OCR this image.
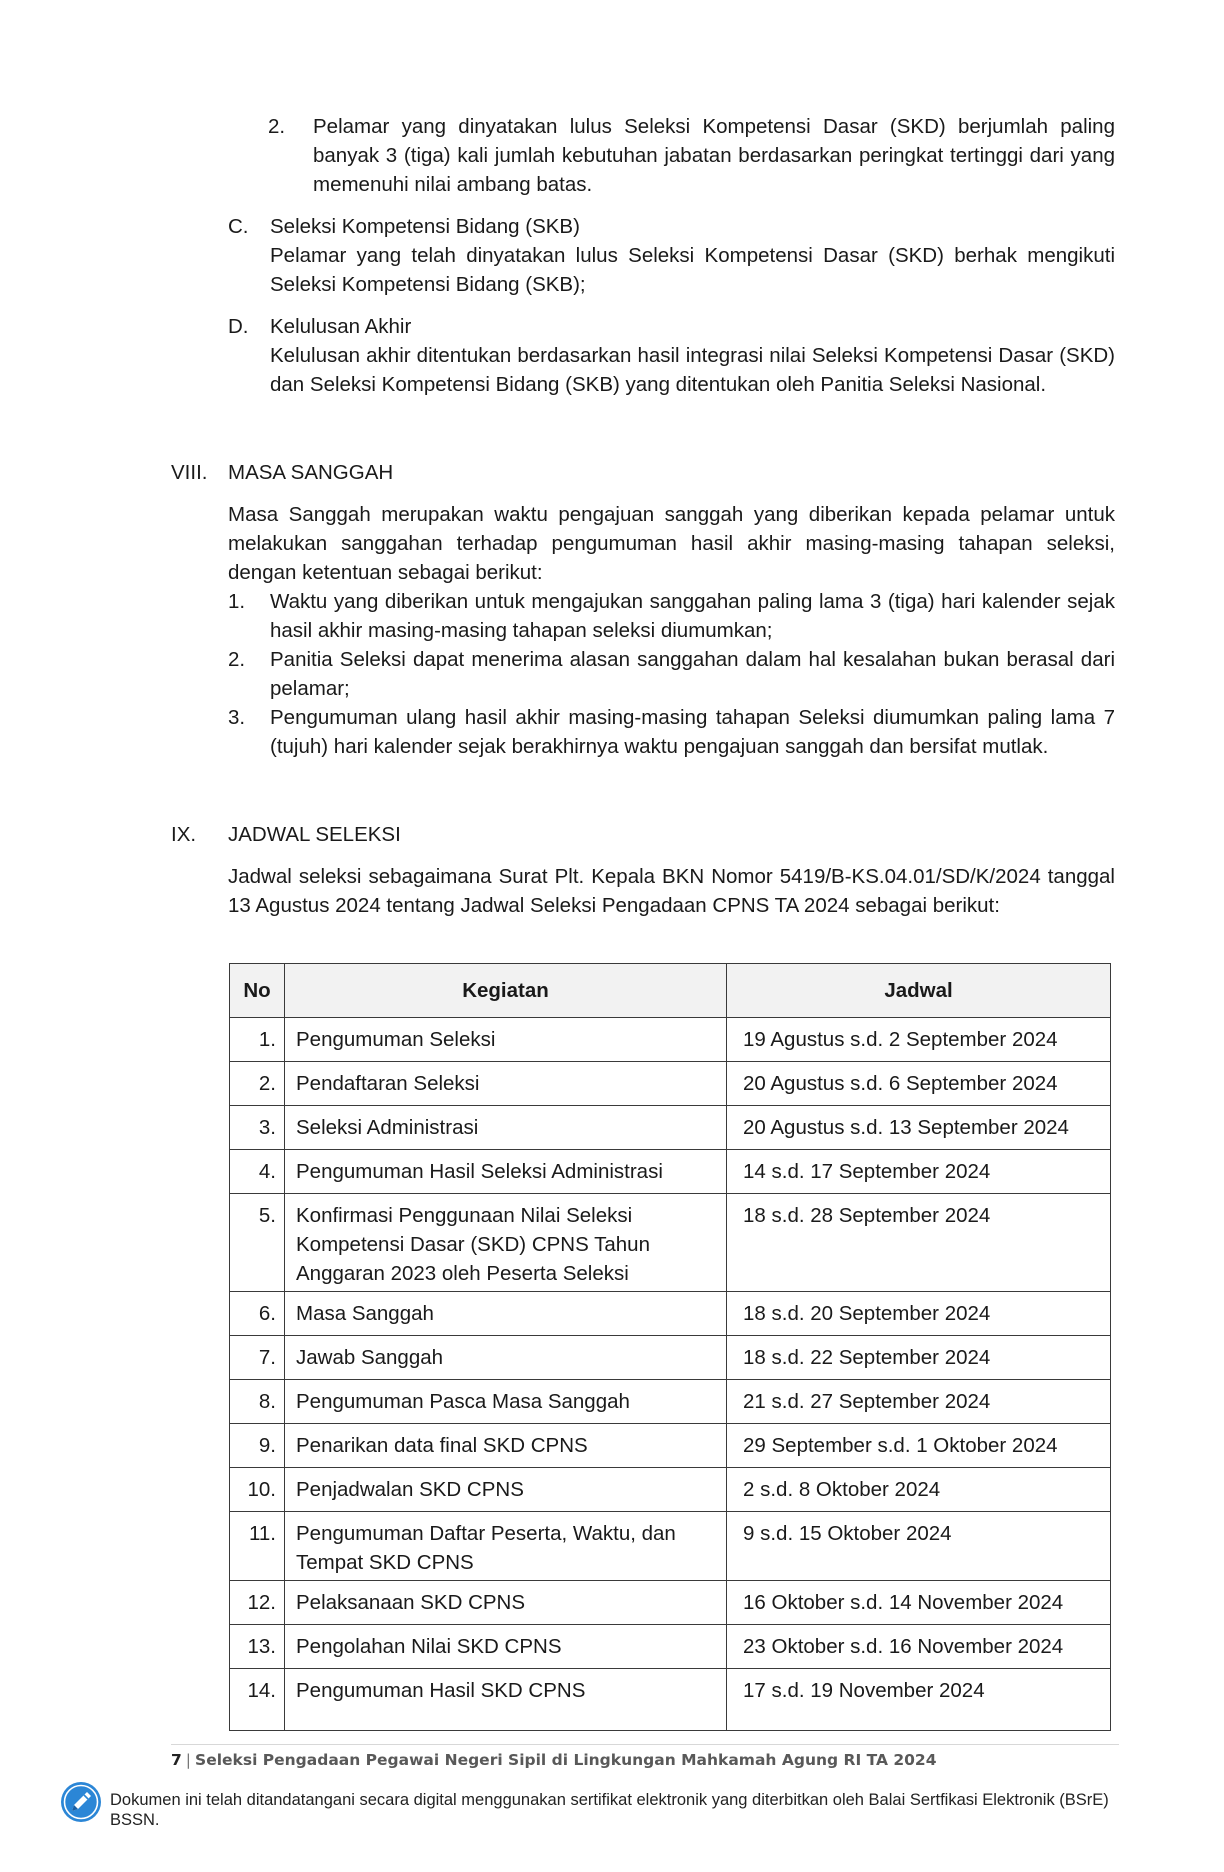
2. Pelamar yang dinyatakan lulus Seleksi Kompetensi Dasar (SKD) berjumlah paling banyak 3 (tiga) kali jumlah kebutuhan jabatan berdasarkan peringkat tertinggi dari yang memenuhi nilai ambang batas.
C. Seleksi Kompetensi Bidang (SKB)
Pelamar yang telah dinyatakan lulus Seleksi Kompetensi Dasar (SKD) berhak mengikuti Seleksi Kompetensi Bidang (SKB);
D. Kelulusan Akhir
Kelulusan akhir ditentukan berdasarkan hasil integrasi nilai Seleksi Kompetensi Dasar (SKD) dan Seleksi Kompetensi Bidang (SKB) yang ditentukan oleh Panitia Seleksi Nasional.
VIII. MASA SANGGAH
Masa Sanggah merupakan waktu pengajuan sanggah yang diberikan kepada pelamar untuk melakukan sanggahan terhadap pengumuman hasil akhir masing-masing tahapan seleksi, dengan ketentuan sebagai berikut:
1. Waktu yang diberikan untuk mengajukan sanggahan paling lama 3 (tiga) hari kalender sejak hasil akhir masing-masing tahapan seleksi diumumkan;
2. Panitia Seleksi dapat menerima alasan sanggahan dalam hal kesalahan bukan berasal dari pelamar;
3. Pengumuman ulang hasil akhir masing-masing tahapan Seleksi diumumkan paling lama 7 (tujuh) hari kalender sejak berakhirnya waktu pengajuan sanggah dan bersifat mutlak.
IX. JADWAL SELEKSI
Jadwal seleksi sebagaimana Surat Plt. Kepala BKN Nomor 5419/B-KS.04.01/SD/K/2024 tanggal 13 Agustus 2024 tentang Jadwal Seleksi Pengadaan CPNS TA 2024 sebagai berikut:
No	Kegiatan	Jadwal
1.	Pengumuman Seleksi	19 Agustus s.d. 2 September 2024
2.	Pendaftaran Seleksi	20 Agustus s.d. 6 September 2024
3.	Seleksi Administrasi	20 Agustus s.d. 13 September 2024
4.	Pengumuman Hasil Seleksi Administrasi	14 s.d. 17 September 2024
5.	Konfirmasi Penggunaan Nilai Seleksi Kompetensi Dasar (SKD) CPNS Tahun Anggaran 2023 oleh Peserta Seleksi	18 s.d. 28 September 2024
6.	Masa Sanggah	18 s.d. 20 September 2024
7.	Jawab Sanggah	18 s.d. 22 September 2024
8.	Pengumuman Pasca Masa Sanggah	21 s.d. 27 September 2024
9.	Penarikan data final SKD CPNS	29 September s.d. 1 Oktober 2024
10.	Penjadwalan SKD CPNS	2 s.d. 8 Oktober 2024
11.	Pengumuman Daftar Peserta, Waktu, dan Tempat SKD CPNS	9 s.d. 15 Oktober 2024
12.	Pelaksanaan SKD CPNS	16 Oktober s.d. 14 November 2024
13.	Pengolahan Nilai SKD CPNS	23 Oktober s.d. 16 November 2024
14.	Pengumuman Hasil SKD CPNS	17 s.d. 19 November 2024
7 | Seleksi Pengadaan Pegawai Negeri Sipil di Lingkungan Mahkamah Agung RI TA 2024
Dokumen ini telah ditandatangani secara digital menggunakan sertifikat elektronik yang diterbitkan oleh Balai Sertfikasi Elektronik (BSrE)
BSSN.
